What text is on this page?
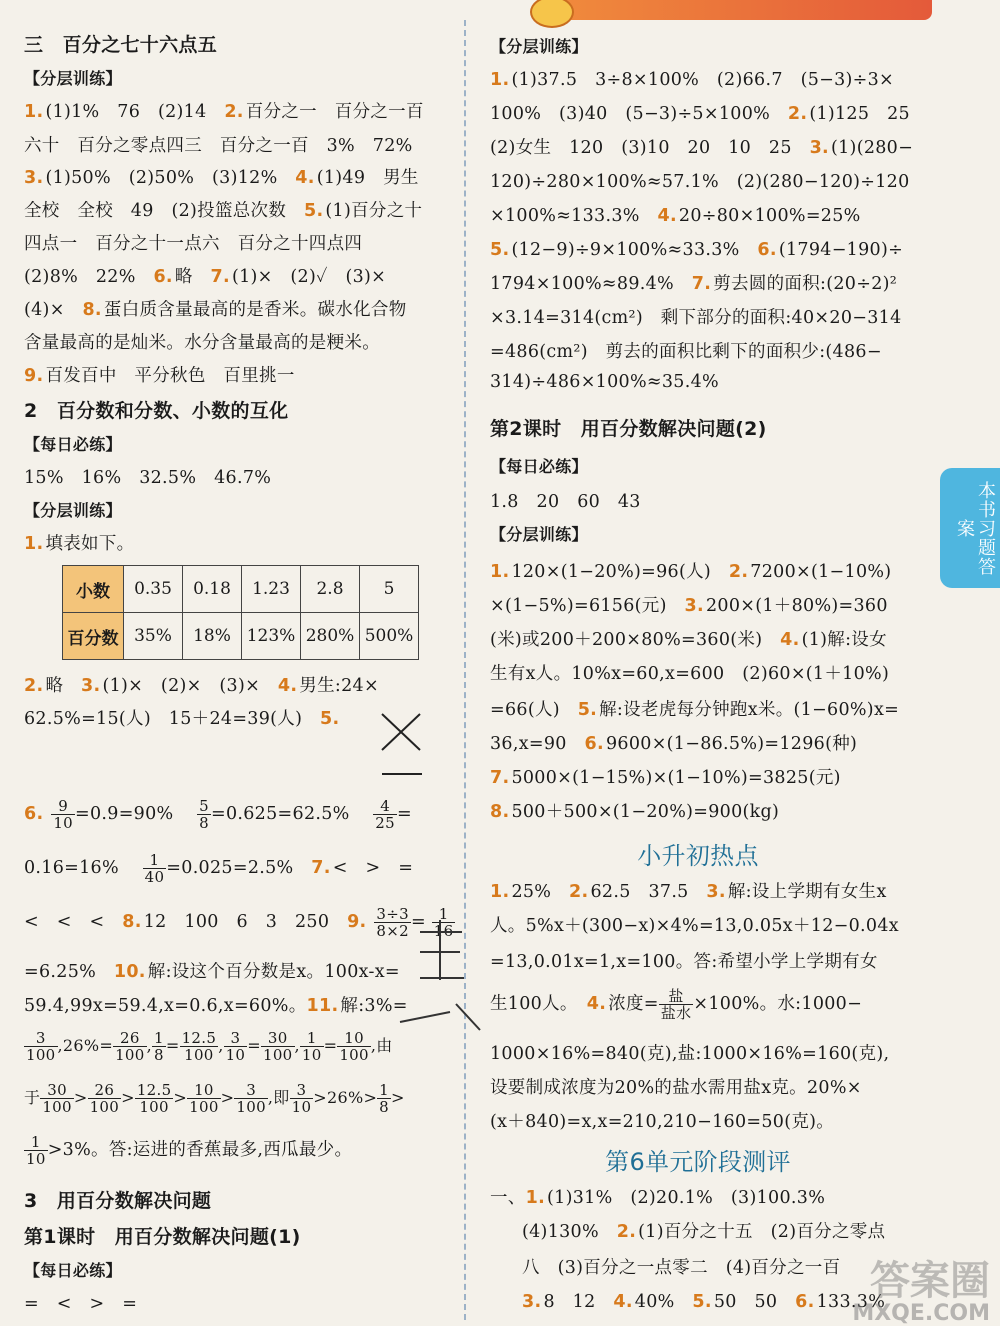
本书习题答案
三　百分之七十六点五
【分层训练】
1. (1)1%　76　(2)14　2. 百分之一　百分之一百
六十　百分之零点四三　百分之一百　3%　72%
3. (1)50%　(2)50%　(3)12%　4. (1)49　男生
全校　全校　49　(2)投篮总次数　5. (1)百分之十
四点一　百分之十一点六　百分之十四点四
(2)8%　22%　6. 略　7. (1)×　(2)✓　(3)×
(4)×　8. 蛋白质含量最高的是香米。碳水化合物
含量最高的是灿米。水分含量最高的是粳米。
9. 百发百中　平分秋色　百里挑一
2　百分数和分数、小数的互化
【每日必练】
15%　16%　32.5%　46.7%
【分层训练】
1. 填表如下。
小数	0.35	0.18	1.23	2.8	5
百分数	35%	18%	123%	280%	500%
2. 略　3. (1)×　(2)×　(3)×　4. 男生:24×
62.5%=15(人)　15＋24=39(人)　5.
6. $\frac{9}{10} =0.9=90\%$　 $\frac{5}{8} =0.625=62.5\%$　 $\frac{4}{25}$ =
0.16=16%　 $\frac{1}{40} =0.025=2.5\%$　7. <　>　=
<　<　<　8. 12　100　6　3　250　9. $\frac{3\div 3}{8\times 2} = \frac{1}{16}$
=6.25%　10. 解:设这个百分数是x。100x-x=
59.4,99x=59.4,x=0.6,x=60%。11. 解:3%=
$\frac{3}{100} ,26\%= \frac{26}{100}$ , $\frac{1}{8} = \frac{12.5}{100}$ , $\frac{3}{10} = \frac{30}{100}$ , $\frac{1}{10} = \frac{10}{100}$ ,由
于 $\frac{30}{100} > \frac{26}{100} > \frac{12.5}{100} > \frac{10}{100} > \frac{3}{100}$ ,即 $\frac{3}{10} >26\%> \frac{1}{8}$ >
$\frac{1}{10} >3\%$。答:运进的香蕉最多,西瓜最少。
3　用百分数解决问题
第1课时　用百分数解决问题(1)
【每日必练】
=　<　>　=
【分层训练】
1. (1)37.5　3÷8×100%　(2)66.7　(5−3)÷3×
100%　(3)40　(5−3)÷5×100%　2. (1)125　25
(2)女生　120　(3)10　20　10　25　3. (1)(280−
120)÷280×100%≈57.1%　(2)(280−120)÷120
×100%≈133.3%　4. 20÷80×100%=25%
5. (12−9)÷9×100%≈33.3%　6. (1794−190)÷
1794×100%≈89.4%　7. 剪去圆的面积:(20÷2)²
×3.14=314(cm²)　剩下部分的面积:40×20−314
=486(cm²)　剪去的面积比剩下的面积少:(486−
314)÷486×100%≈35.4%
第2课时　用百分数解决问题(2)
【每日必练】
1.8　20　60　43
【分层训练】
1. 120×(1−20%)=96(人)　2. 7200×(1−10%)
×(1−5%)=6156(元)　3. 200×(1＋80%)=360
(米)或200＋200×80%=360(米)　4. (1)解:设女
生有x人。10%x=60,x=600　(2)60×(1＋10%)
=66(人)　5. 解:设老虎每分钟跑x米。(1−60%)x=
36,x=90　6. 9600×(1−86.5%)=1296(种)
7. 5000×(1−15%)×(1−10%)=3825(元)
8. 500＋500×(1−20%)=900(kg)
小升初热点
1. 25%　2. 62.5　37.5　3. 解:设上学期有女生x
人。5%x＋(300−x)×4%=13,0.05x＋12−0.04x
=13,0.01x=1,x=100。答:希望小学上学期有女
生100人。　4. 浓度= $\frac{\text{盐}}{\text{盐水}} \times 100\%$。水:1000−
1000×16%=840(克),盐:1000×16%=160(克),
设要制成浓度为20%的盐水需用盐x克。20%×
(x＋840)=x,x=210,210−160=50(克)。
第6单元阶段测评
一、1. (1)31%　(2)20.1%　(3)100.3%
(4)130%　2. (1)百分之十五　(2)百分之零点
八　(3)百分之一点零二　(4)百分之一百
3. 8　12　4. 40%　5. 50　50　6. 133.3%
答案圈
MXQE.COM
